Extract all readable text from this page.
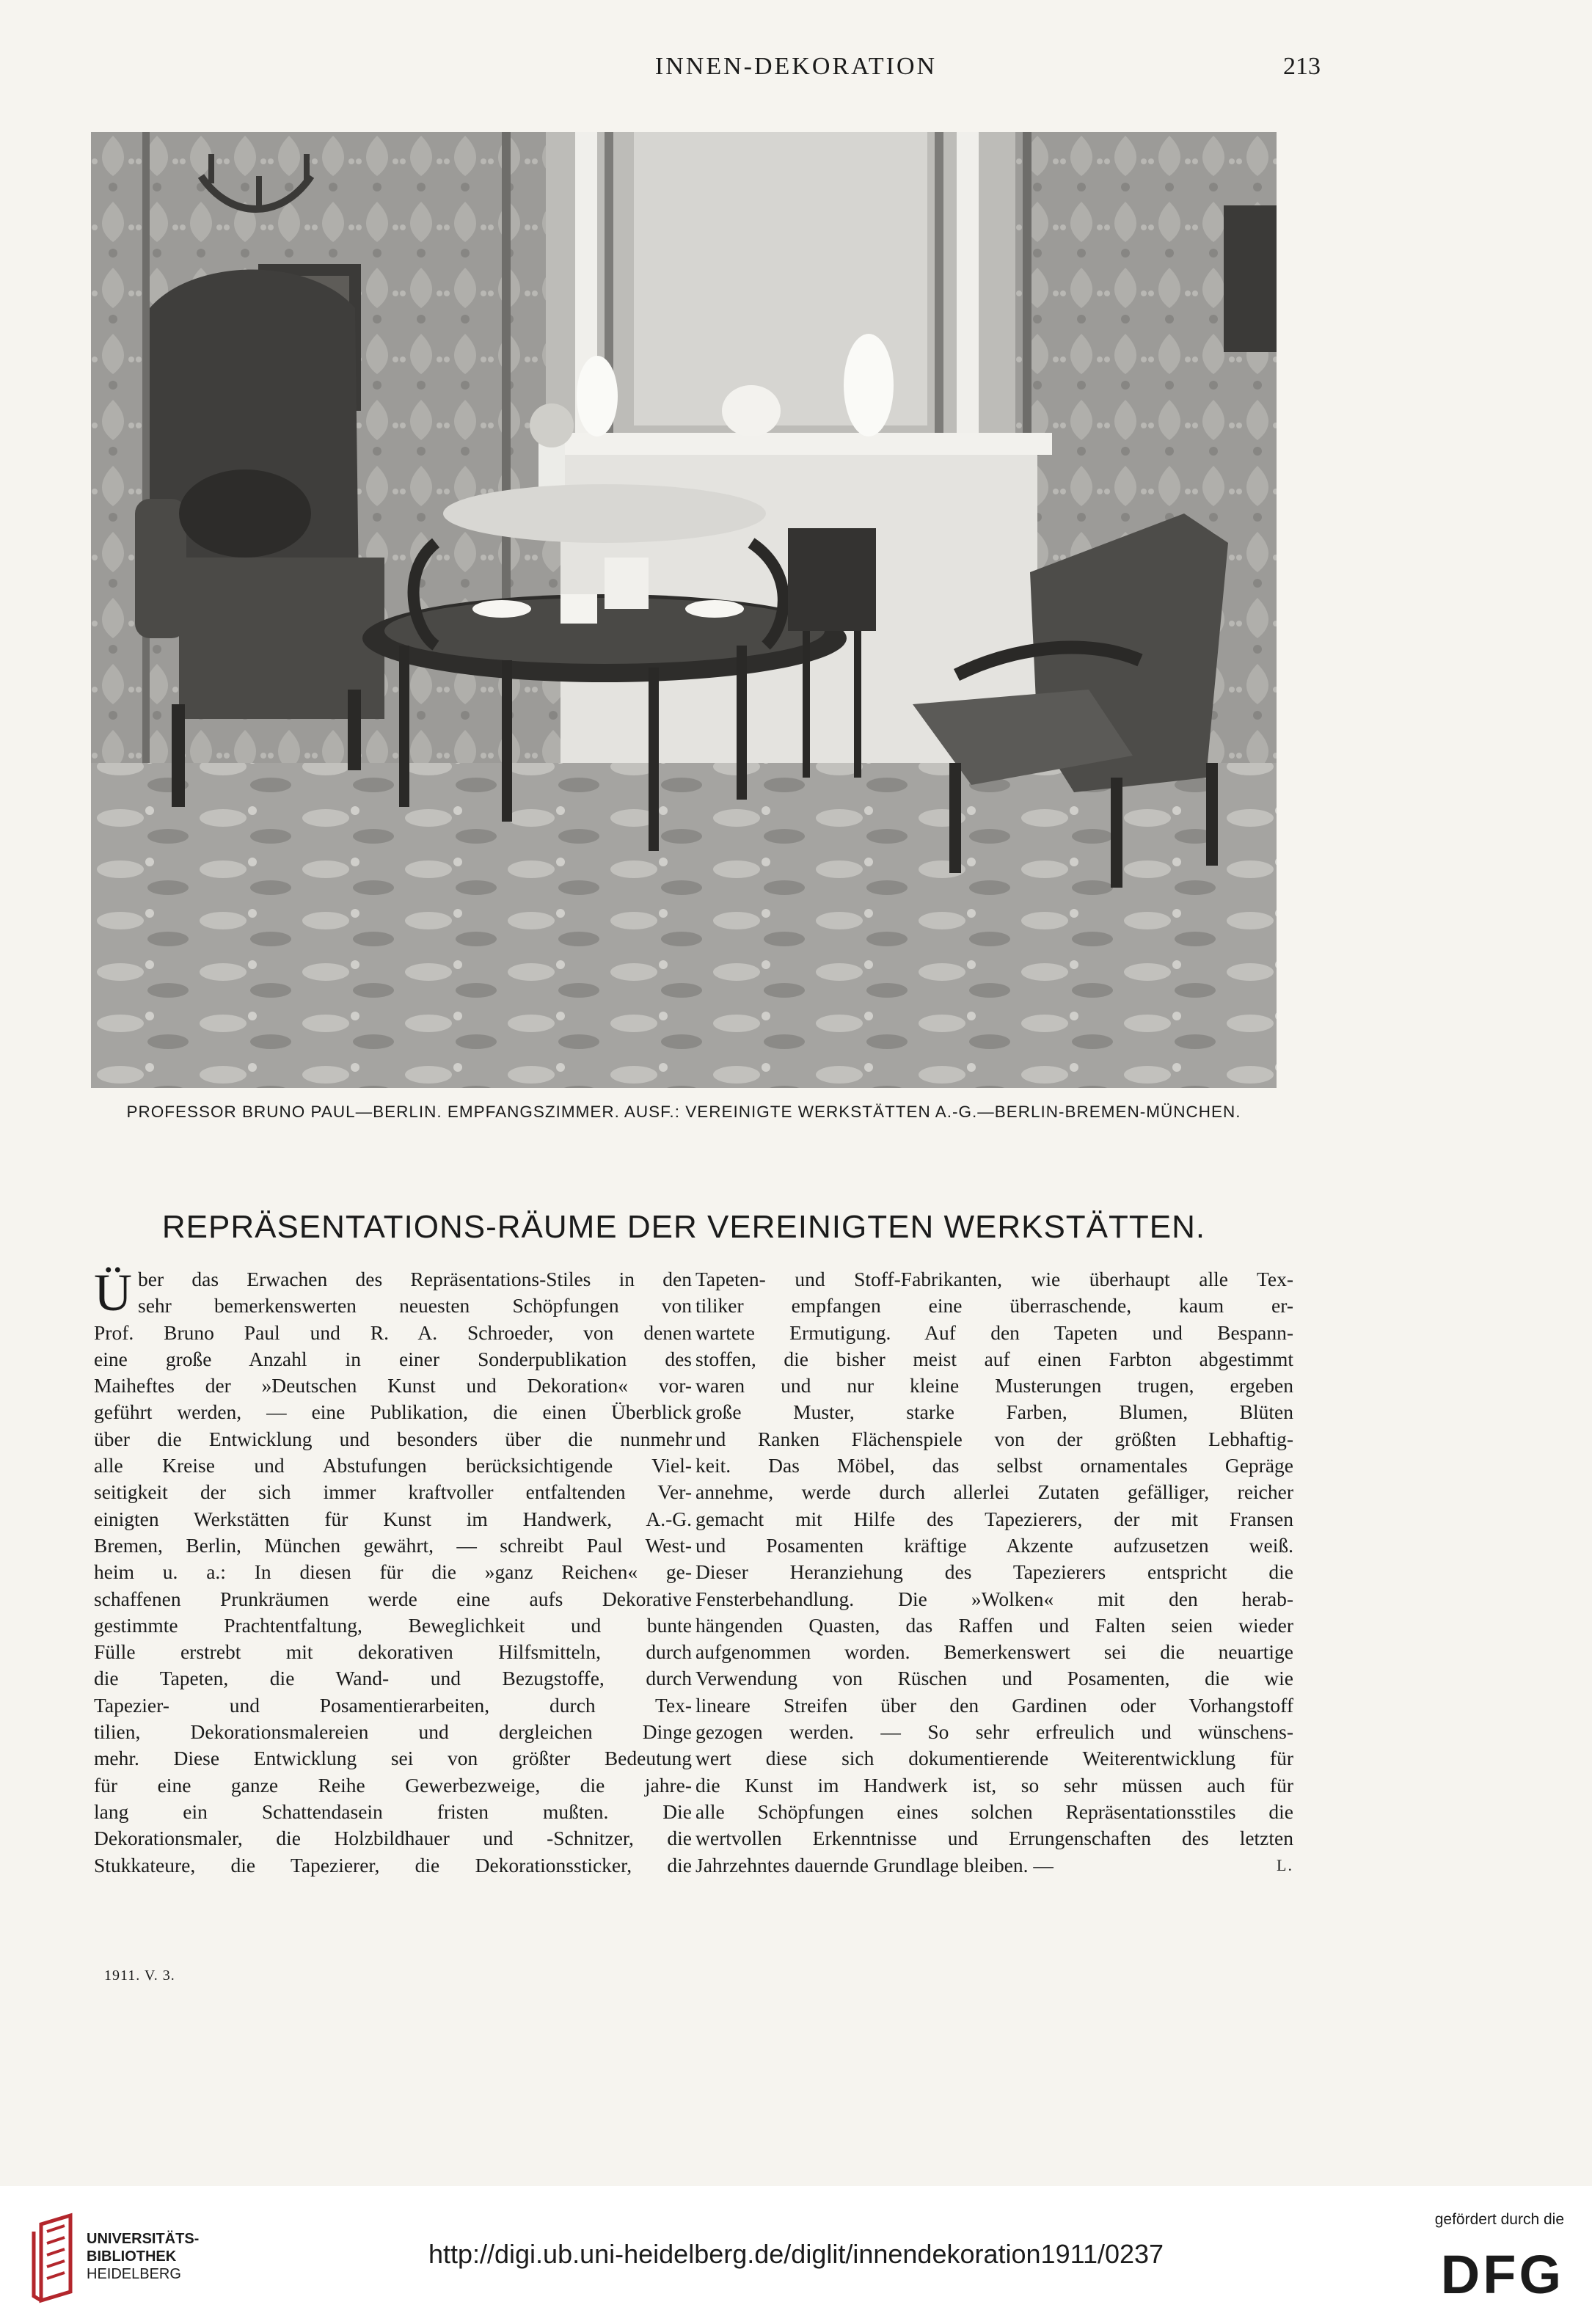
INNEN-DEKORATION	213
PROFESSOR BRUNO PAUL—BERLIN. EMPFANGSZIMMER. AUSF.: VEREINIGTE WERKSTÄTTEN A.-G.—BERLIN-BREMEN-MÜNCHEN.
REPRÄSENTATIONS-RÄUME DER VEREINIGTEN WERKSTÄTTEN.
Ü ber das Erwachen des Repräsentations-Stiles in den
sehr bemerkenswerten neuesten Schöpfungen von
Prof. Bruno Paul und R. A. Schroeder, von denen
eine große Anzahl in einer Sonderpublikation des
Maiheftes der »Deutschen Kunst und Dekoration« vor-
geführt werden, — eine Publikation, die einen Überblick
über die Entwicklung und besonders über die nunmehr
alle Kreise und Abstufungen berücksichtigende Viel-
seitigkeit der sich immer kraftvoller entfaltenden Ver-
einigten Werkstätten für Kunst im Handwerk, A.-G.
Bremen, Berlin, München gewährt, — schreibt Paul West-
heim u. a.: In diesen für die »ganz Reichen« ge-
schaffenen Prunkräumen werde eine aufs Dekorative
gestimmte Prachtentfaltung, Beweglichkeit und bunte
Fülle erstrebt mit dekorativen Hilfsmitteln, durch
die Tapeten, die Wand- und Bezugstoffe, durch
Tapezier- und Posamentierarbeiten, durch Tex-
tilien, Dekorationsmalereien und dergleichen Dinge
mehr. Diese Entwicklung sei von größter Bedeutung
für eine ganze Reihe Gewerbezweige, die jahre-
lang ein Schattendasein fristen mußten. Die
Dekorationsmaler, die Holzbildhauer und -Schnitzer, die
Stukkateure, die Tapezierer, die Dekorationssticker, die
Tapeten- und Stoff-Fabrikanten, wie überhaupt alle Tex-
tiliker empfangen eine überraschende, kaum er-
wartete Ermutigung. Auf den Tapeten und Bespann-
stoffen, die bisher meist auf einen Farbton abgestimmt
waren und nur kleine Musterungen trugen, ergeben
große Muster, starke Farben, Blumen, Blüten
und Ranken Flächenspiele von der größten Lebhaftig-
keit. Das Möbel, das selbst ornamentales Gepräge
annehme, werde durch allerlei Zutaten gefälliger, reicher
gemacht mit Hilfe des Tapezierers, der mit Fransen
und Posamenten kräftige Akzente aufzusetzen weiß.
Dieser Heranziehung des Tapezierers entspricht die
Fensterbehandlung. Die »Wolken« mit den herab-
hängenden Quasten, das Raffen und Falten seien wieder
aufgenommen worden. Bemerkenswert sei die neuartige
Verwendung von Rüschen und Posamenten, die wie
lineare Streifen über den Gardinen oder Vorhangstoff
gezogen werden. — So sehr erfreulich und wünschens-
wert diese sich dokumentierende Weiterentwicklung für
die Kunst im Handwerk ist, so sehr müssen auch für
alle Schöpfungen eines solchen Repräsentationsstiles die
wertvollen Erkenntnisse und Errungenschaften des letzten
Jahrzehntes dauernde Grundlage bleiben. —	L.
1911. V. 3.
UNIVERSITÄTS-
BIBLIOTHEK
HEIDELBERG
http://digi.ub.uni-heidelberg.de/diglit/innendekoration1911/0237
gefördert durch die
DFG
